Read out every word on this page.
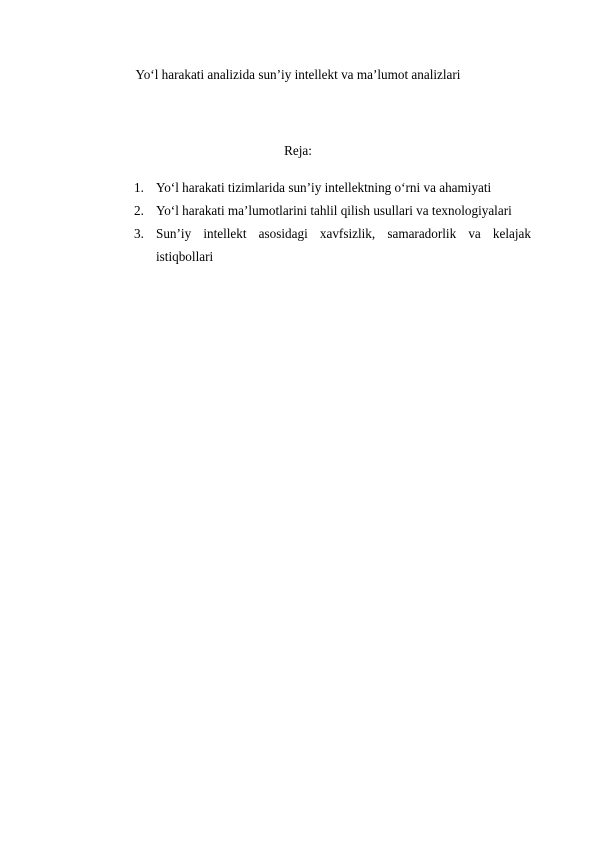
Yo‘l harakati analizida sun’iy intellekt va ma’lumot analizlari
Reja:
1. Yo‘l harakati tizimlarida sun’iy intellektning o‘rni va ahamiyati
2. Yo‘l harakati ma’lumotlarini tahlil qilish usullari va texnologiyalari
3. Sun’iy intellekt asosidagi xavfsizlik, samaradorlik va kelajak istiqbollari
